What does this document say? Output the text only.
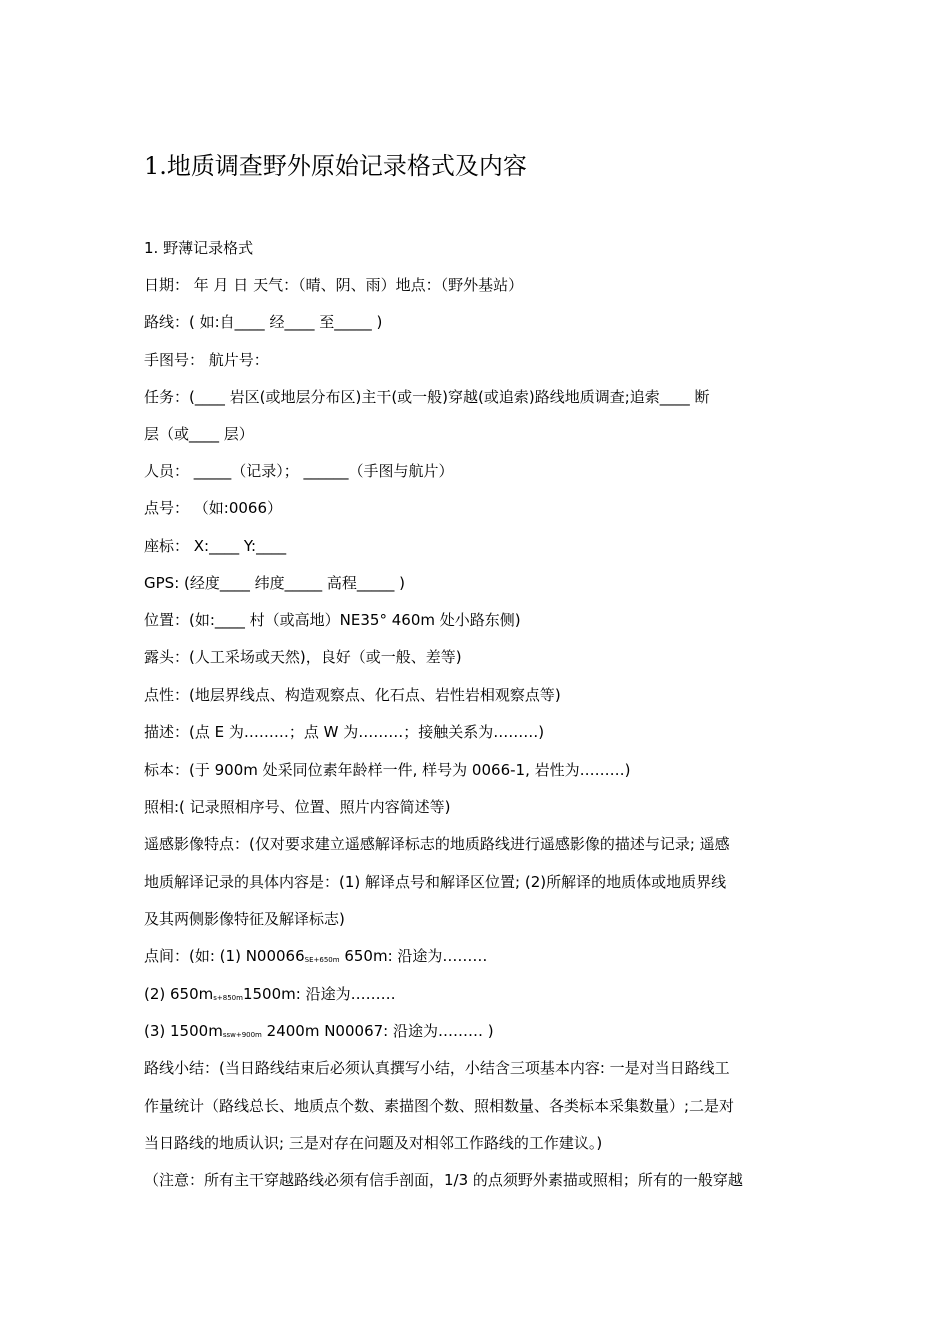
1.地质调查野外原始记录格式及内容
1. 野薄记录格式
日期： 年 月 日 天气：（晴、阴、雨）地点：（野外基站）
路线：( 如:自____ 经____ 至_____ )
手图号： 航片号：
任务：(____ 岩区(或地层分布区)主干(或一般)穿越(或追索)路线地质调查;追索____ 断
层（或____ 层）
人员： _____（记录）； ______（手图与航片）
点号： （如:0066）
座标： X:____ Y:____
GPS: (经度____ 纬度_____ 高程_____ )
位置：(如:____ 村（或高地）NE35° 460m 处小路东侧)
露头：(人工采场或天然)，良好（或一般、差等)
点性：(地层界线点、构造观察点、化石点、岩性岩相观察点等)
描述：(点 E 为………；点 W 为………；接触关系为………)
标本：(于 900m 处采同位素年龄样一件, 样号为 0066-1, 岩性为………)
照相:( 记录照相序号、位置、照片内容简述等)
遥感影像特点：(仅对要求建立遥感解译标志的地质路线进行遥感影像的描述与记录; 遥感
地质解译记录的具体内容是：(1) 解译点号和解译区位置; (2)所解译的地质体或地质界线
及其两侧影像特征及解译标志)
点间：(如: (1) N00066SE+650m 650m: 沿途为………
(2) 650ms+850m1500m: 沿途为………
(3) 1500mssw+900m 2400m N00067: 沿途为……… )
路线小结：(当日路线结束后必须认真撰写小结，小结含三项基本内容: 一是对当日路线工
作量统计（路线总长、地质点个数、素描图个数、照相数量、各类标本采集数量）;二是对
当日路线的地质认识; 三是对存在问题及对相邻工作路线的工作建议。)
（注意：所有主干穿越路线必须有信手剖面，1/3 的点须野外素描或照相；所有的一般穿越
